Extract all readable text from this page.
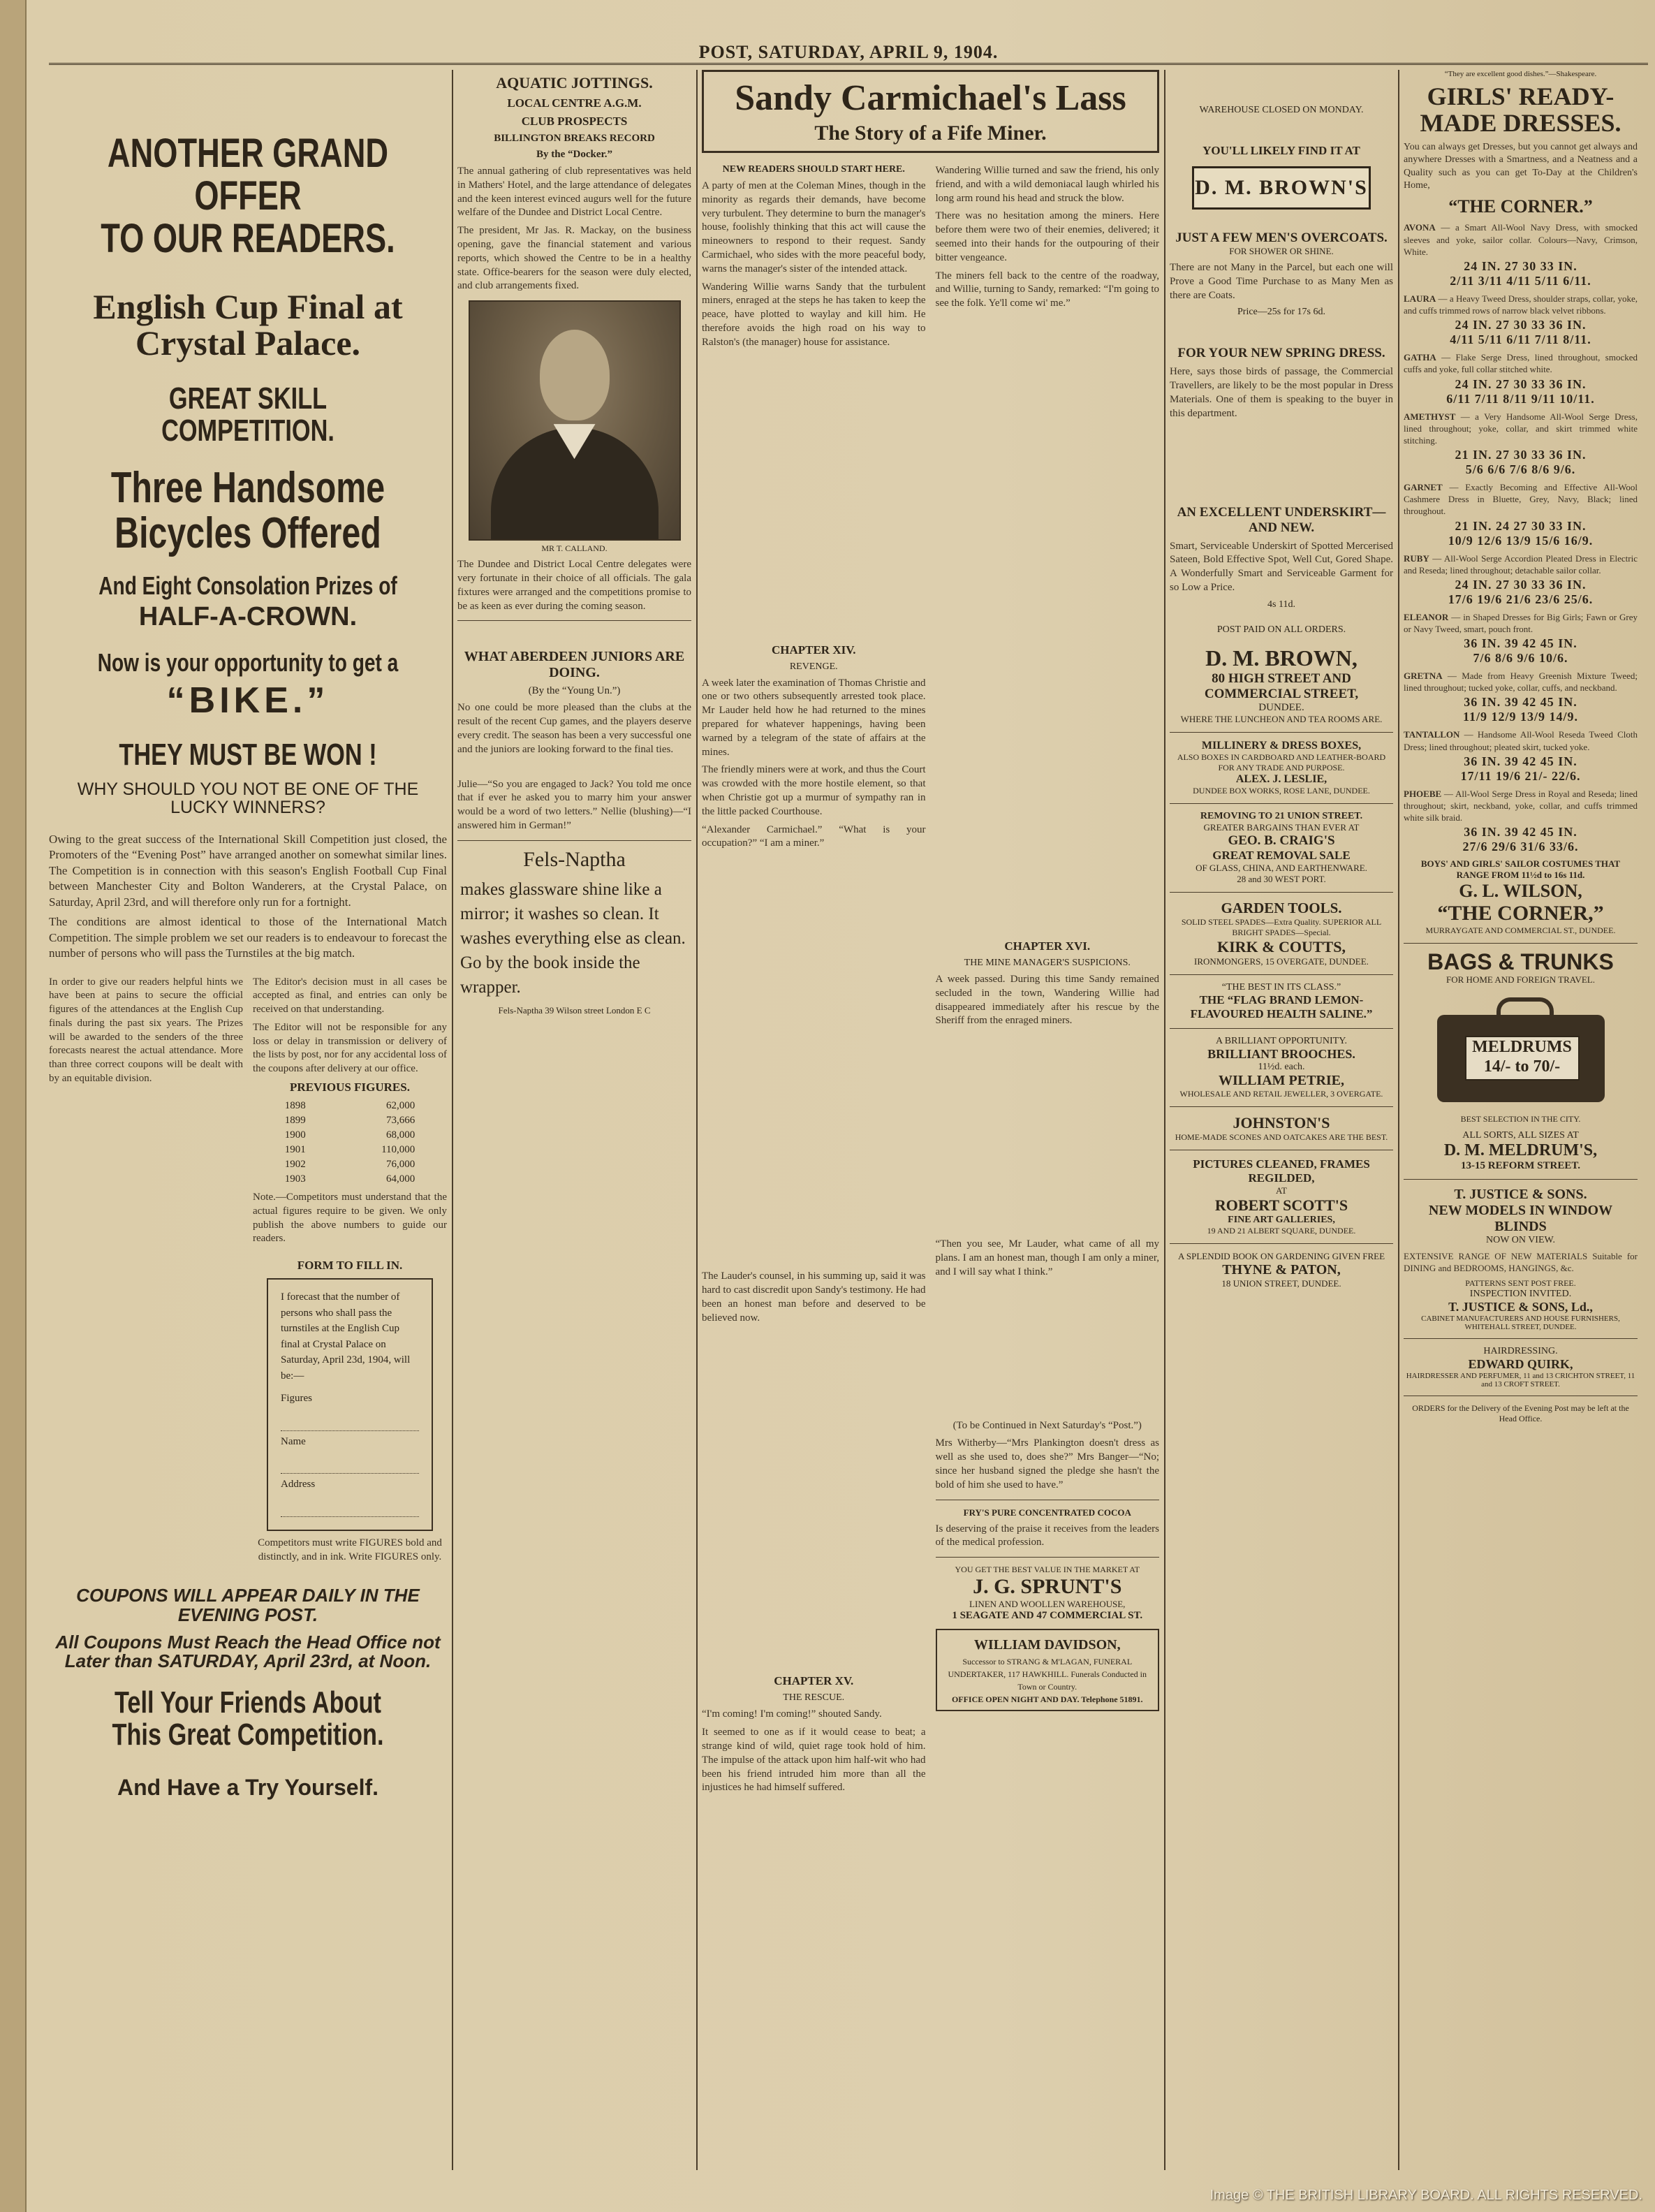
POST, SATURDAY, APRIL 9, 1904.

ANOTHER GRAND OFFER

TO OUR READERS.

English Cup Final at Crystal Palace.

GREAT SKILL COMPETITION.

Three Handsome Bicycles Offered

And Eight Consolation Prizes of

HALF-A-CROWN.

Now is your opportunity to get a

“BIKE.”

THEY MUST BE WON !

WHY SHOULD YOU NOT BE ONE OF THE LUCKY WINNERS?

Owing to the great success of the International Skill Competition just closed, the Promoters of the “Evening Post” have arranged another on somewhat similar lines. The Competition is in connection with this season's English Football Cup Final between Manchester City and Bolton Wanderers, at the Crystal Palace, on Saturday, April 23rd, and will therefore only run for a fortnight.

The conditions are almost identical to those of the International Match Competition. The simple problem we set our readers is to endeavour to forecast the number of persons who will pass the Turnstiles at the big match.

In order to give our readers helpful hints we have been at pains to secure the official figures of the attendances at the English Cup finals during the past six years. The Prizes will be awarded to the senders of the three forecasts nearest the actual attendance. More than three correct coupons will be dealt with by an equitable division.

The Editor's decision must in all cases be accepted as final, and entries can only be received on that understanding.

The Editor will not be responsible for any loss or delay in transmission or delivery of the lists by post, nor for any accidental loss of the coupons after delivery at our office.

PREVIOUS FIGURES.
1898	62,000
1899	73,666
1900	68,000
1901	110,000
1902	76,000
1903	64,000

Note.—Competitors must understand that the actual figures require to be given. We only publish the above numbers to guide our readers.

FORM TO FILL IN.
I forecast that the number of persons who shall pass the turnstiles at the English Cup final at Crystal Palace on Saturday, April 23d, 1904, will be:—
Figures
Name
Address

Competitors must write FIGURES bold and distinctly, and in ink. Write FIGURES only.

COUPONS WILL APPEAR DAILY IN THE EVENING POST.

All Coupons Must Reach the Head Office not Later than SATURDAY, April 23rd, at Noon.

Tell Your Friends About This Great Competition.

And Have a Try Yourself.

AQUATIC JOTTINGS.
LOCAL CENTRE A.G.M.
CLUB PROSPECTS
BILLINGTON BREAKS RECORD
By the “Docker.”

The annual gathering of club representatives was held in Mathers' Hotel, and the large attendance of delegates and the keen interest evinced augurs well for the future welfare of the Dundee and District Local Centre.

The president, Mr Jas. R. Mackay, on the business opening, gave the financial statement and various reports, which showed the Centre to be in a healthy state. Office-bearers for the season were duly elected, and club arrangements fixed.

MR T. CALLAND.

The Dundee and District Local Centre delegates were very fortunate in their choice of all officials. The gala fixtures were arranged and the competitions promise to be as keen as ever during the coming season.

WHAT ABERDEEN JUNIORS ARE DOING.
(By the “Young Un.”)

No one could be more pleased than the clubs at the result of the recent Cup games, and the players deserve every credit. The season has been a very successful one and the juniors are looking forward to the final ties.

Julie—“So you are engaged to Jack? You told me once that if ever he asked you to marry him your answer would be a word of two letters.” Nellie (blushing)—“I answered him in German!”

Fels-Naptha

makes glassware shine like a mirror; it washes so clean. It washes everything else as clean. Go by the book inside the wrapper.

Fels-Naptha 39 Wilson street London E C

Sandy Carmichael's Lass

The Story of a Fife Miner.

NEW READERS SHOULD START HERE.

A party of men at the Coleman Mines, though in the minority as regards their demands, have become very turbulent. They determine to burn the manager's house, foolishly thinking that this act will cause the mineowners to respond to their request. Sandy Carmichael, who sides with the more peaceful body, warns the manager's sister of the intended attack.

Wandering Willie warns Sandy that the turbulent miners, enraged at the steps he has taken to keep the peace, have plotted to waylay and kill him. He therefore avoids the high road on his way to Ralston's (the manager) house for assistance.

CHAPTER XIV.
REVENGE.

A week later the examination of Thomas Christie and one or two others subsequently arrested took place. Mr Lauder held how he had returned to the mines prepared for whatever happenings, having been warned by a telegram of the state of affairs at the mines.

The friendly miners were at work, and thus the Court was crowded with the more hostile element, so that when Christie got up a murmur of sympathy ran in the little packed Courthouse.

“Alexander Carmichael.” “What is your occupation?” “I am a miner.”

The Lauder's counsel, in his summing up, said it was hard to cast discredit upon Sandy's testimony. He had been an honest man before and deserved to be believed now.

CHAPTER XV.
THE RESCUE.

“I'm coming! I'm coming!” shouted Sandy.

It seemed to one as if it would cease to beat; a strange kind of wild, quiet rage took hold of him. The impulse of the attack upon him half-wit who had been his friend intruded him more than all the injustices he had himself suffered.

Wandering Willie turned and saw the friend, his only friend, and with a wild demoniacal laugh whirled his long arm round his head and struck the blow.

There was no hesitation among the miners. Here before them were two of their enemies, delivered; it seemed into their hands for the outpouring of their bitter vengeance.

The miners fell back to the centre of the roadway, and Willie, turning to Sandy, remarked: “I'm going to see the folk. Ye'll come wi' me.”

CHAPTER XVI.
THE MINE MANAGER'S SUSPICIONS.

A week passed. During this time Sandy remained secluded in the town, Wandering Willie had disappeared immediately after his rescue by the Sheriff from the enraged miners.

“Then you see, Mr Lauder, what came of all my plans. I am an honest man, though I am only a miner, and I will say what I think.”

(To be Continued in Next Saturday's “Post.”)

Mrs Witherby—“Mrs Plankington doesn't dress as well as she used to, does she?” Mrs Banger—“No; since her husband signed the pledge she hasn't the bold of him she used to have.”

FRY'S PURE CONCENTRATED COCOA

Is deserving of the praise it receives from the leaders of the medical profession.

YOU GET THE BEST VALUE IN THE MARKET AT
J. G. SPRUNT'S
LINEN AND WOOLLEN WAREHOUSE,
1 SEAGATE AND 47 COMMERCIAL ST.
WILLIAM DAVIDSON,
Successor to STRANG & M'LAGAN, FUNERAL UNDERTAKER, 117 HAWKHILL. Funerals Conducted in Town or Country.
OFFICE OPEN NIGHT AND DAY. Telephone 51891.
WAREHOUSE CLOSED ON MONDAY.
YOU'LL LIKELY FIND IT AT
D. M. BROWN'S
JUST A FEW MEN'S OVERCOATS.
FOR SHOWER OR SHINE.

There are not Many in the Parcel, but each one will Prove a Good Time Purchase to as Many Men as there are Coats.

Price—25s for 17s 6d.
FOR YOUR NEW SPRING DRESS.

Here, says those birds of passage, the Commercial Travellers, are likely to be the most popular in Dress Materials. One of them is speaking to the buyer in this department.

AN EXCELLENT UNDERSKIRT—AND NEW.

Smart, Serviceable Underskirt of Spotted Mercerised Sateen, Bold Effective Spot, Well Cut, Gored Shape. A Wonderfully Smart and Serviceable Garment for so Low a Price.

4s 11d.
POST PAID ON ALL ORDERS.
D. M. BROWN,
80 HIGH STREET AND COMMERCIAL STREET,
DUNDEE.
WHERE THE LUNCHEON AND TEA ROOMS ARE.
MILLINERY & DRESS BOXES,
ALSO BOXES IN CARDBOARD AND LEATHER-BOARD FOR ANY TRADE AND PURPOSE.
ALEX. J. LESLIE,
DUNDEE BOX WORKS, ROSE LANE, DUNDEE.
REMOVING TO 21 UNION STREET.
GREATER BARGAINS THAN EVER AT
GEO. B. CRAIG'S
GREAT REMOVAL SALE
OF GLASS, CHINA, AND EARTHENWARE.
28 and 30 WEST PORT.
GARDEN TOOLS.
SOLID STEEL SPADES—Extra Quality. SUPERIOR ALL BRIGHT SPADES—Special.
KIRK & COUTTS,
IRONMONGERS, 15 OVERGATE, DUNDEE.
“THE BEST IN ITS CLASS.”
THE “FLAG BRAND LEMON-FLAVOURED HEALTH SALINE.”
A BRILLIANT OPPORTUNITY.
BRILLIANT BROOCHES.
11½d. each.
WILLIAM PETRIE,
WHOLESALE AND RETAIL JEWELLER, 3 OVERGATE.
JOHNSTON'S
HOME-MADE SCONES AND OATCAKES ARE THE BEST.
PICTURES CLEANED, FRAMES REGILDED,
AT
ROBERT SCOTT'S
FINE ART GALLERIES,
19 AND 21 ALBERT SQUARE, DUNDEE.
A SPLENDID BOOK ON GARDENING GIVEN FREE
THYNE & PATON,
18 UNION STREET, DUNDEE.
“They are excellent good dishes.”—Shakespeare.
GIRLS' READY-MADE DRESSES.

You can always get Dresses, but you cannot get always and anywhere Dresses with a Smartness, and a Neatness and a Quality such as you can get To-Day at the Children's Home,

“THE CORNER.”
AVONA — a Smart All-Wool Navy Dress, with smocked sleeves and yoke, sailor collar. Colours—Navy, Crimson, White.
24 IN. 27 30 33 IN.
2/11 3/11 4/11 5/11 6/11.
LAURA — a Heavy Tweed Dress, shoulder straps, collar, yoke, and cuffs trimmed rows of narrow black velvet ribbons.
24 IN. 27 30 33 36 IN.
4/11 5/11 6/11 7/11 8/11.
GATHA — Flake Serge Dress, lined throughout, smocked cuffs and yoke, full collar stitched white.
24 IN. 27 30 33 36 IN.
6/11 7/11 8/11 9/11 10/11.
AMETHYST — a Very Handsome All-Wool Serge Dress, lined throughout; yoke, collar, and skirt trimmed white stitching.
21 IN. 27 30 33 36 IN.
5/6 6/6 7/6 8/6 9/6.
GARNET — Exactly Becoming and Effective All-Wool Cashmere Dress in Bluette, Grey, Navy, Black; lined throughout.
21 IN. 24 27 30 33 IN.
10/9 12/6 13/9 15/6 16/9.
RUBY — All-Wool Serge Accordion Pleated Dress in Electric and Reseda; lined throughout; detachable sailor collar.
24 IN. 27 30 33 36 IN.
17/6 19/6 21/6 23/6 25/6.
ELEANOR — in Shaped Dresses for Big Girls; Fawn or Grey or Navy Tweed, smart, pouch front.
36 IN. 39 42 45 IN.
7/6 8/6 9/6 10/6.
GRETNA — Made from Heavy Greenish Mixture Tweed; lined throughout; tucked yoke, collar, cuffs, and neckband.
36 IN. 39 42 45 IN.
11/9 12/9 13/9 14/9.
TANTALLON — Handsome All-Wool Reseda Tweed Cloth Dress; lined throughout; pleated skirt, tucked yoke.
36 IN. 39 42 45 IN.
17/11 19/6 21/- 22/6.
PHOEBE — All-Wool Serge Dress in Royal and Reseda; lined throughout; skirt, neckband, yoke, collar, and cuffs trimmed white silk braid.
36 IN. 39 42 45 IN.
27/6 29/6 31/6 33/6.
BOYS' AND GIRLS' SAILOR COSTUMES THAT RANGE FROM 11½d to 16s 11d.
G. L. WILSON,
“THE CORNER,”
MURRAYGATE AND COMMERCIAL ST., DUNDEE.
BAGS & TRUNKS
FOR HOME AND FOREIGN TRAVEL.
MELDRUMS 14/- to 70/-
BEST SELECTION IN THE CITY.
ALL SORTS, ALL SIZES AT
D. M. MELDRUM'S,
13-15 REFORM STREET.
T. JUSTICE & SONS.
NEW MODELS IN WINDOW BLINDS
NOW ON VIEW.

EXTENSIVE RANGE OF NEW MATERIALS Suitable for DINING and BEDROOMS, HANGINGS, &c.

PATTERNS SENT POST FREE.
INSPECTION INVITED.
T. JUSTICE & SONS, Ld.,
CABINET MANUFACTURERS AND HOUSE FURNISHERS, WHITEHALL STREET, DUNDEE.
HAIRDRESSING.
EDWARD QUIRK,
HAIRDRESSER AND PERFUMER, 11 and 13 CRICHTON STREET, 11 and 13 CROFT STREET.
ORDERS for the Delivery of the Evening Post may be left at the Head Office.
Image © THE BRITISH LIBRARY BOARD. ALL RIGHTS RESERVED.
